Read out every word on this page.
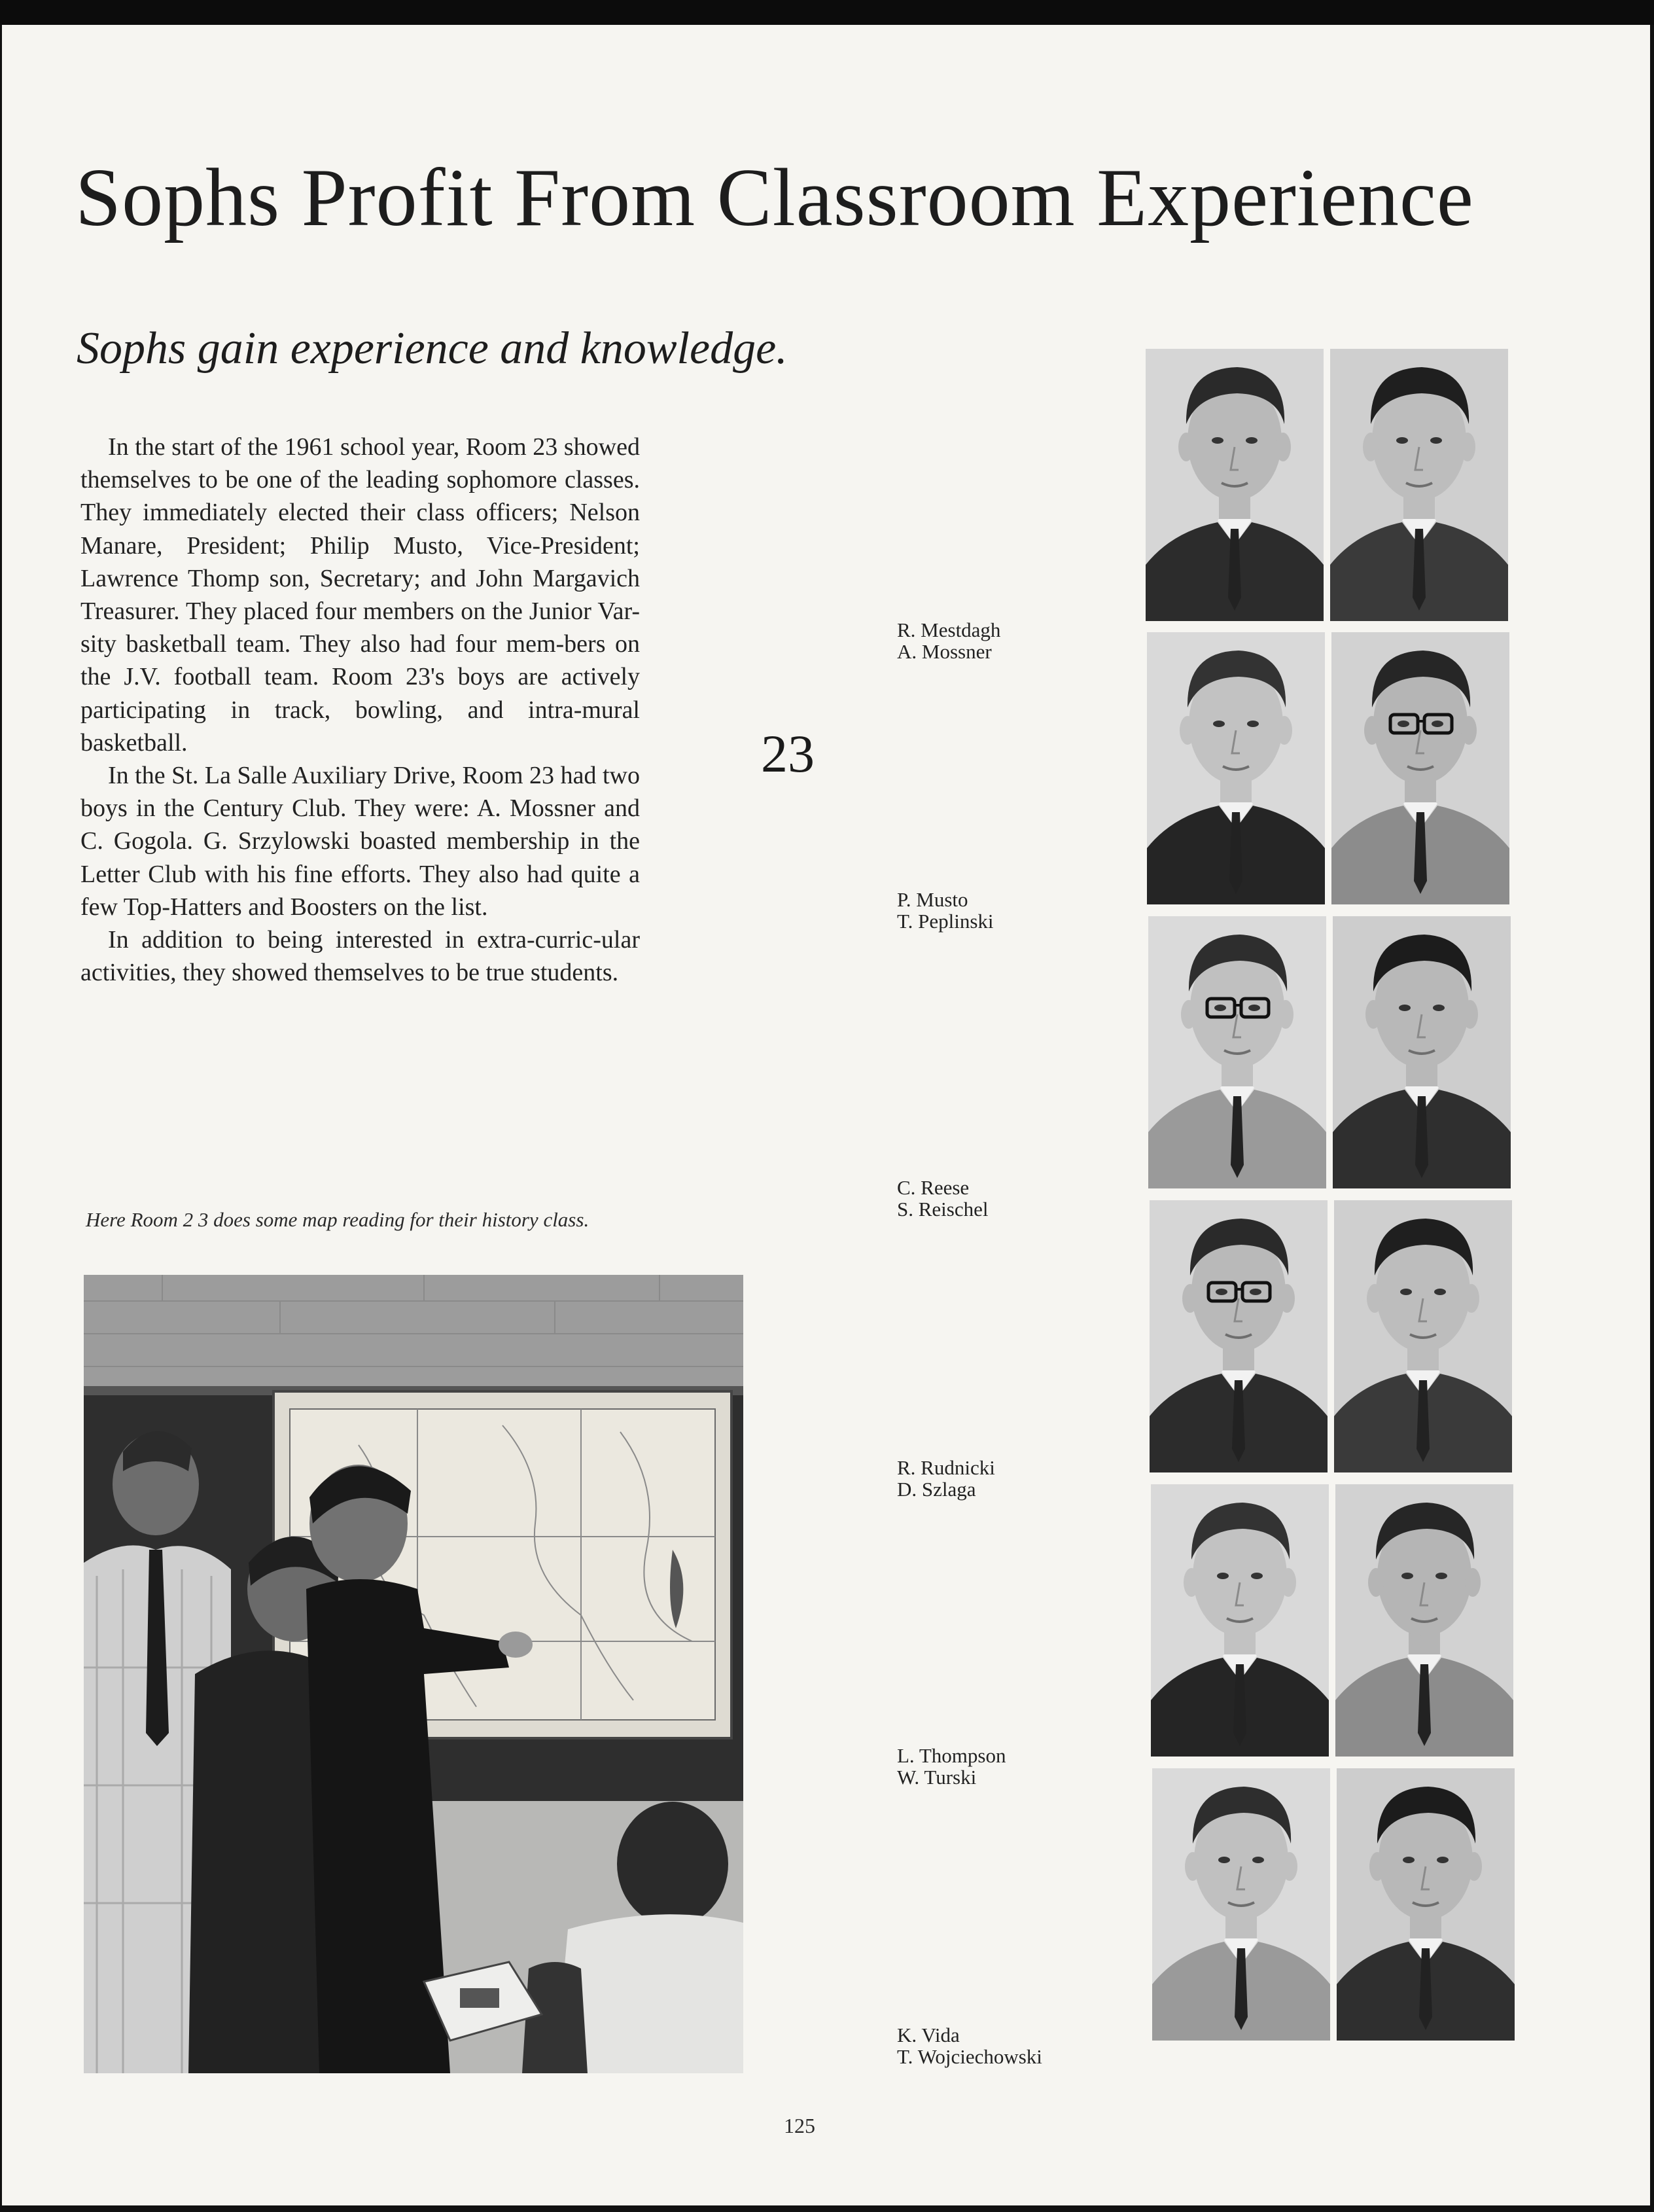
Sophs Profit From Classroom Experience
Sophs gain experience and knowledge.

In the start of the 1961 school year, Room 23 showed themselves to be one of the leading sophomore classes. They immediately elected their class officers; Nelson Manare, President; Philip Musto, Vice-President; Lawrence Thomp son, Secretary; and John Margavich Treasurer. They placed four members on the Junior Var-sity basketball team. They also had four mem-bers on the J.V. football team. Room 23's boys are actively participating in track, bowling, and intra-mural basketball.

In the St. La Salle Auxiliary Drive, Room 23 had two boys in the Century Club. They were: A. Mossner and C. Gogola. G. Srzylowski boasted membership in the Letter Club with his fine efforts. They also had quite a few Top-Hatters and Boosters on the list.

In addition to being interested in extra-curric-ular activities, they showed themselves to be true students.

Here Room 2 3 does some map reading for their history class.

23
R. Mestdagh
A. Mossner
P. Musto
T. Peplinski
C. Reese
S. Reischel
R. Rudnicki
D. Szlaga
L. Thompson
W. Turski
K. Vida
T. Wojciechowski
125
